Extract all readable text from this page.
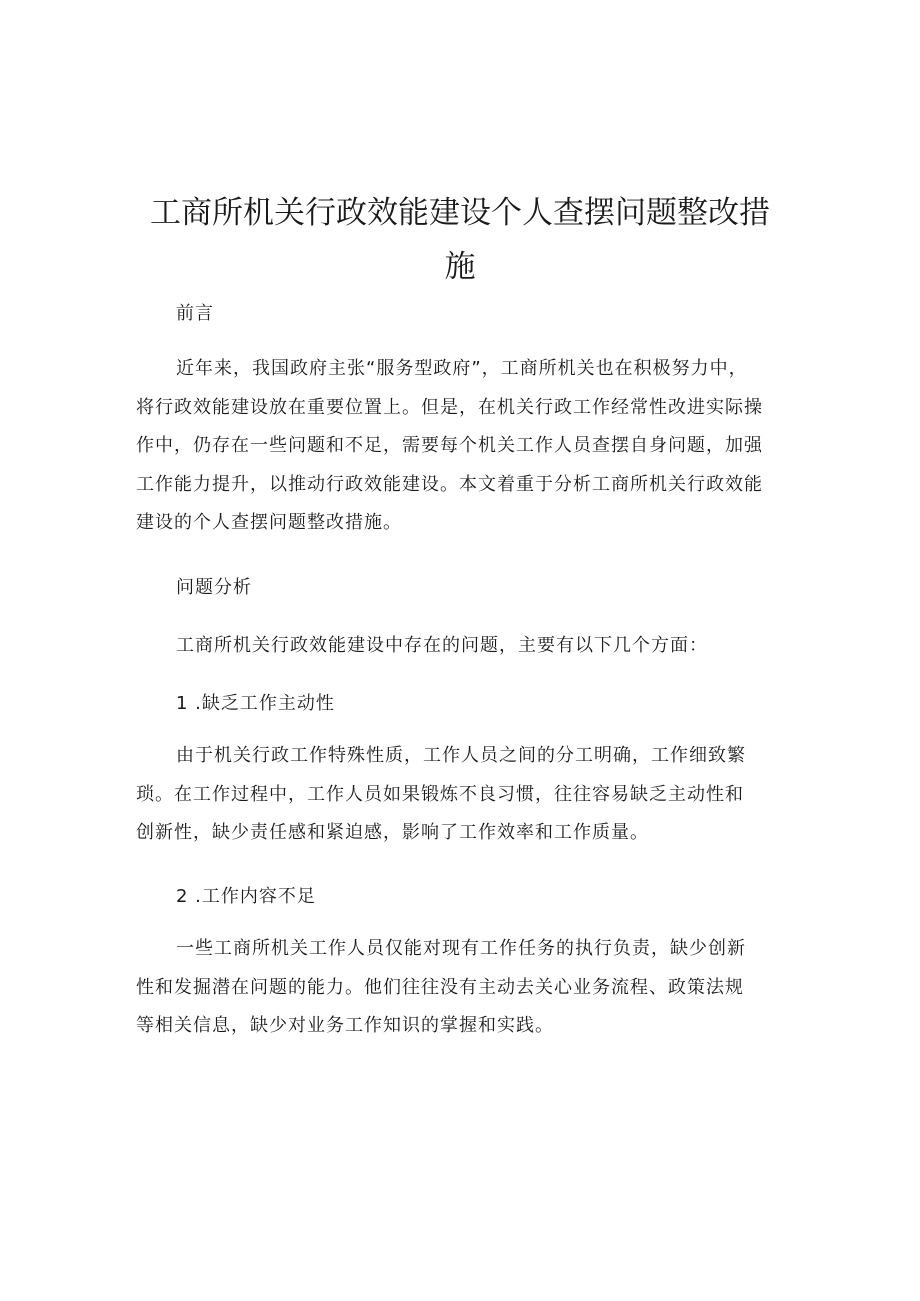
工商所机关行政效能建设个人查摆问题整改措
施

前言

近年来，我国政府主张“服务型政府”，工商所机关也在积极努力中，
将行政效能建设放在重要位置上。但是，在机关行政工作经常性改进实际操
作中，仍存在一些问题和不足，需要每个机关工作人员查摆自身问题，加强
工作能力提升，以推动行政效能建设。本文着重于分析工商所机关行政效能
建设的个人查摆问题整改措施。

问题分析

工商所机关行政效能建设中存在的问题，主要有以下几个方面：

1 .缺乏工作主动性

由于机关行政工作特殊性质，工作人员之间的分工明确，工作细致繁
琐。在工作过程中，工作人员如果锻炼不良习惯，往往容易缺乏主动性和
创新性，缺少责任感和紧迫感，影响了工作效率和工作质量。

2 .工作内容不足

一些工商所机关工作人员仅能对现有工作任务的执行负责，缺少创新
性和发掘潜在问题的能力。他们往往没有主动去关心业务流程、政策法规
等相关信息，缺少对业务工作知识的掌握和实践。
